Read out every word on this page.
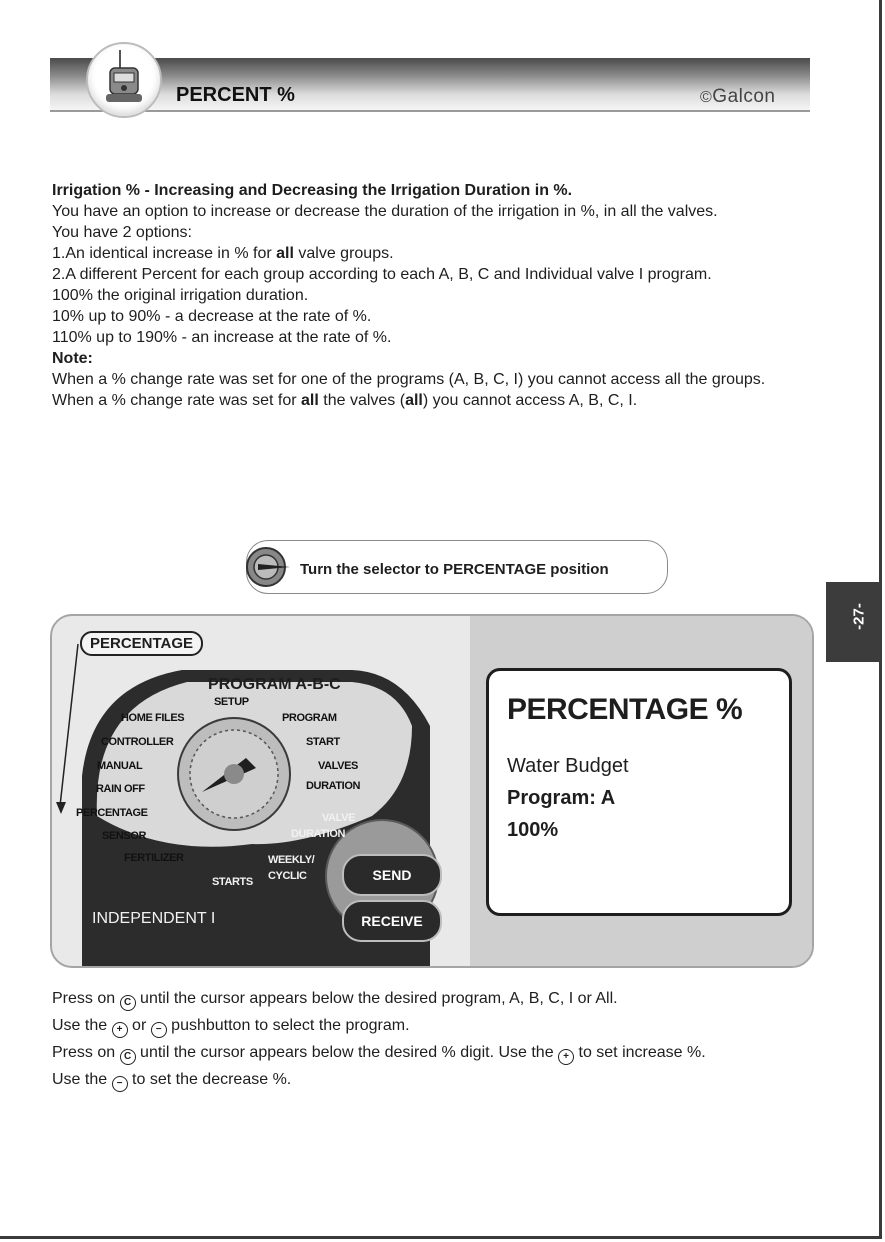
PERCENT %	©Galcon

Irrigation % - Increasing and Decreasing the Irrigation Duration in %.

You have an option to increase or decrease the duration of the irrigation in %, in all the valves.

You have 2 options:

1.An identical increase in % for all valve groups.

2.A different Percent for each group according to each A, B, C and Individual valve I program.

100% the original irrigation duration.

10% up to 90% - a decrease at the rate of %.

110% up to 190% - an increase at the rate of %.

Note:

When a % change rate was set for one of the programs (A, B, C, I) you cannot access all the groups.

When a % change rate was set for all the valves (all) you cannot access A, B, C, I.

Turn the selector to PERCENTAGE position
-27-
PERCENTAGE
PROGRAM A-B-C
SETUP
HOME FILES
CONTROLLER
MANUAL
RAIN OFF
PERCENTAGE
SENSOR
FERTILIZER
PROGRAM
START
VALVES
DURATION
VALVE
DURATION
WEEKLY/
CYCLIC
STARTS
INDEPENDENT I
SEND
RECEIVE
PERCENTAGE %
Water Budget
Program: A
100%

Press on C until the cursor appears below the desired program, A, B, C, I or All.

Use the + or − pushbutton to select the program.

Press on C until the cursor appears below the desired % digit. Use the + to set increase %.

Use the − to set the decrease %.
